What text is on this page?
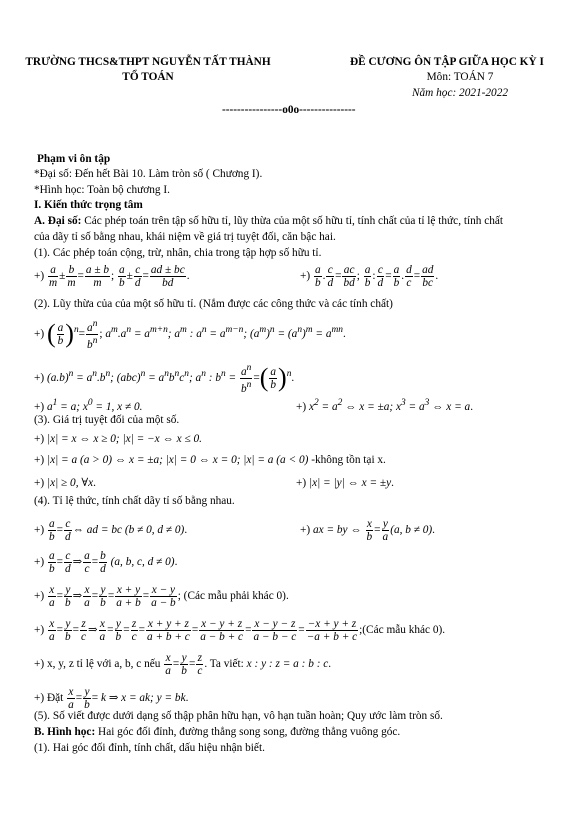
TRƯỜNG THCS&THPT NGUYỄN TẤT THÀNH
TỔ TOÁN
ĐỀ CƯƠNG ÔN TẬP GIỮA HỌC KỲ I
Môn: TOÁN 7
Năm học: 2021-2022
----------------o0o---------------
Phạm vi ôn tập
*Đại số: Đến hết Bài 10. Làm tròn số ( Chương I).
*Hình học: Toàn bộ chương I.
I. Kiến thức trọng tâm
A. Đại số: Các phép toán trên tập số hữu tỉ, lũy thừa của một số hữu tỉ, tính chất của tỉ lệ thức, tính chất
của dãy tỉ số bằng nhau, khái niệm về giá trị tuyệt đối, căn bậc hai.
(1). Các phép toán cộng, trừ, nhân, chia trong tập hợp số hữu tỉ.
+) $\frac{a}{m} \pm \frac{b}{m} = \frac{a \pm b}{m}$ ; $\frac{a}{b} \pm \frac{c}{d} = \frac{ad \pm bc}{bd}$ .	+) $\frac{a}{b}$ . $\frac{c}{d} = \frac{ac}{bd}$ ; $\frac{a}{b}$ : $\frac{c}{d} = \frac{a}{b}$ . $\frac{d}{c} = \frac{ad}{bc}$ .
(2). Lũy thừa của của một số hữu tỉ. (Nắm được các công thức và các tính chất)
+) ( $\frac{a}{b} )^n= \frac{a^n}{b^n}$ ; $a^m.a^n = a^{m+n}$; $a^m$ : $a^n = a^{m-n}$; $(a^m)^n = (a^n)^m = a^{mn}$.
+) $(a.b)^n = a^n.b^n$; $(abc)^n = a^nb^nc^n$; $a^n$ : $b^n = \frac{a^n}{b^n}$ =( $\frac{a}{b} )^n$.
+) $a^1 = a$; $x^0 = 1$, x ≠ 0.	+) $x^2 = a^2$ ⇔ x = ±a; $x^3 = a^3$ ⇔ x = a.
(3). Giá trị tuyệt đối của một số.
+) |x| = x ⇔ x ≥ 0; |x| = −x ⇔ x ≤ 0.
+) |x| = a (a > 0) ⇔ x = ±a; |x| = 0 ⇔ x = 0; |x| = a (a < 0) -không tồn tại x.
+) |x| ≥ 0, ∀x.	+) |x| = |y| ⇔ x = ±y.
(4). Tỉ lệ thức, tính chất dãy tỉ số bằng nhau.
+) $\frac{a}{b} = \frac{c}{d}$ ⇔ ad = bc (b ≠ 0, d ≠ 0).	+) ax = by ⇔ $\frac{x}{b} = \frac{y}{a} (a$, b ≠ 0).
+) $\frac{a}{b} = \frac{c}{d}$ ⇒ $\frac{a}{c} = \frac{b}{d} (a$, b, c, d ≠ 0).
+) $\frac{x}{a} = \frac{y}{b}$ ⇒ $\frac{x}{a} = \frac{y}{b} = \frac{x + y}{a + b} = \frac{x - y}{a - b}$ ; (Các mẫu phải khác 0).
+) $\frac{x}{a} = \frac{y}{b} = \frac{z}{c}$ ⇒ $\frac{x}{a} = \frac{y}{b} = \frac{z}{c} = \frac{x + y + z}{a + b + c} = \frac{x - y + z}{a - b + c} = \frac{x - y - z}{a - b - c} = \frac{-x + y + z}{-a + b + c}$ ;(Các mẫu khác 0).
+) x, y, z tỉ lệ với a, b, c nếu $\frac{x}{a} = \frac{y}{b} = \frac{z}{c}$ . Ta viết: x : y : z = a : b : c.
+) Đặt $\frac{x}{a} = \frac{y}{b} = k$ ⇒ x = ak; y = bk.
(5). Số viết được dưới dạng số thập phân hữu hạn, vô hạn tuần hoàn; Quy ước làm tròn số.
B. Hình học: Hai góc đối đỉnh, đường thẳng song song, đường thẳng vuông góc.
(1). Hai góc đối đỉnh, tính chất, dấu hiệu nhận biết.
